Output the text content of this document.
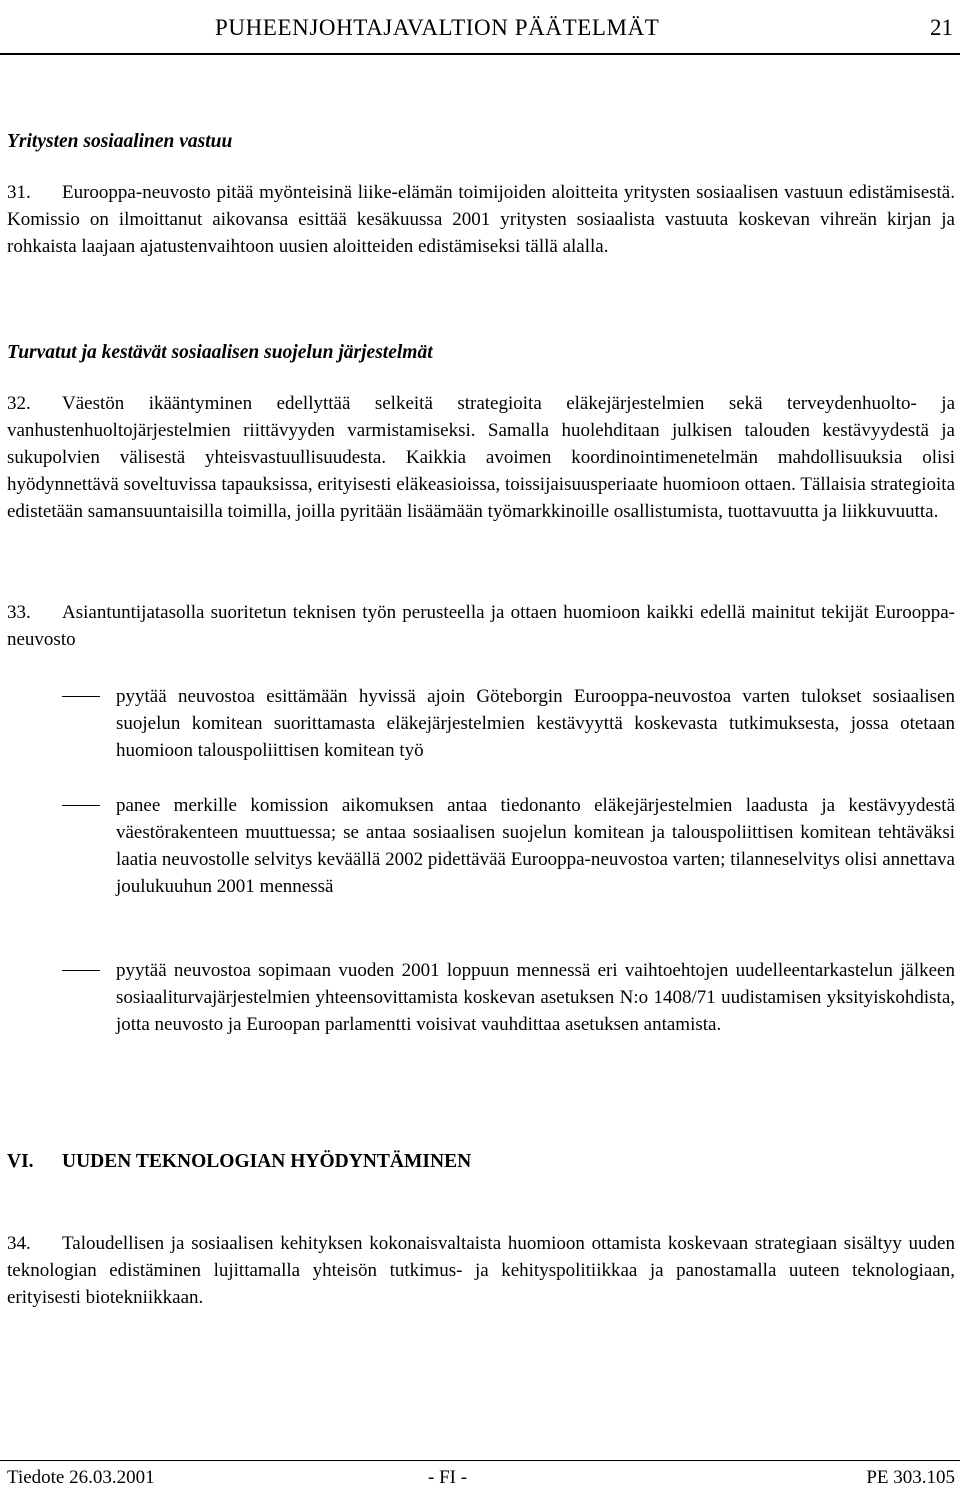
PUHEENJOHTAJAVALTION PÄÄTELMÄT	21
Yritysten sosiaalinen vastuu
31.	Eurooppa-neuvosto pitää myönteisinä liike-elämän toimijoiden aloitteita yritysten sosiaalisen vastuun edistämisestä. Komissio on ilmoittanut aikovansa esittää kesäkuussa 2001 yritysten sosiaalista vastuuta koskevan vihreän kirjan ja rohkaista laajaan ajatustenvaihtoon uusien aloitteiden edistämiseksi tällä alalla.
Turvatut ja kestävät sosiaalisen suojelun järjestelmät
32.	Väestön ikääntyminen edellyttää selkeitä strategioita eläkejärjestelmien sekä terveydenhuolto- ja vanhustenhuoltojärjestelmien riittävyyden varmistamiseksi. Samalla huolehditaan julkisen talouden kestävyydestä ja sukupolvien välisestä yhteisvastuullisuudesta. Kaikkia avoimen koordinointimenetelmän mahdollisuuksia olisi hyödynnettävä soveltuvissa tapauksissa, erityisesti eläkeasioissa, toissijaisuusperiaate huomioon ottaen. Tällaisia strategioita edistetään samansuuntaisilla toimilla, joilla pyritään lisäämään työmarkkinoille osallistumista, tuottavuutta ja liikkuvuutta.
33.	Asiantuntijatasolla suoritetun teknisen työn perusteella ja ottaen huomioon kaikki edellä mainitut tekijät Eurooppa-neuvosto
pyytää neuvostoa esittämään hyvissä ajoin Göteborgin Eurooppa-neuvostoa varten tulokset sosiaalisen suojelun komitean suorittamasta eläkejärjestelmien kestävyyttä koskevasta tutkimuksesta, jossa otetaan huomioon talouspoliittisen komitean työ
panee merkille komission aikomuksen antaa tiedonanto eläkejärjestelmien laadusta ja kestävyydestä väestörakenteen muuttuessa; se antaa sosiaalisen suojelun komitean ja talouspoliittisen komitean tehtäväksi laatia neuvostolle selvitys keväällä 2002 pidettävää Eurooppa-neuvostoa varten; tilanneselvitys olisi annettava joulukuuhun 2001 mennessä
pyytää neuvostoa sopimaan vuoden 2001 loppuun mennessä eri vaihtoehtojen uudelleentarkastelun jälkeen sosiaaliturvajärjestelmien yhteensovittamista koskevan asetuksen N:o 1408/71 uudistamisen yksityiskohdista, jotta neuvosto ja Euroopan parlamentti voisivat vauhdittaa asetuksen antamista.
VI. UUDEN TEKNOLOGIAN HYÖDYNTÄMINEN
34.	Taloudellisen ja sosiaalisen kehityksen kokonaisvaltaista huomioon ottamista koskevaan strategiaan sisältyy uuden teknologian edistäminen lujittamalla yhteisön tutkimus- ja kehityspolitiikkaa ja panostamalla uuteen teknologiaan, erityisesti biotekniikkaan.
Tiedote 26.03.2001	- FI -	PE 303.105
